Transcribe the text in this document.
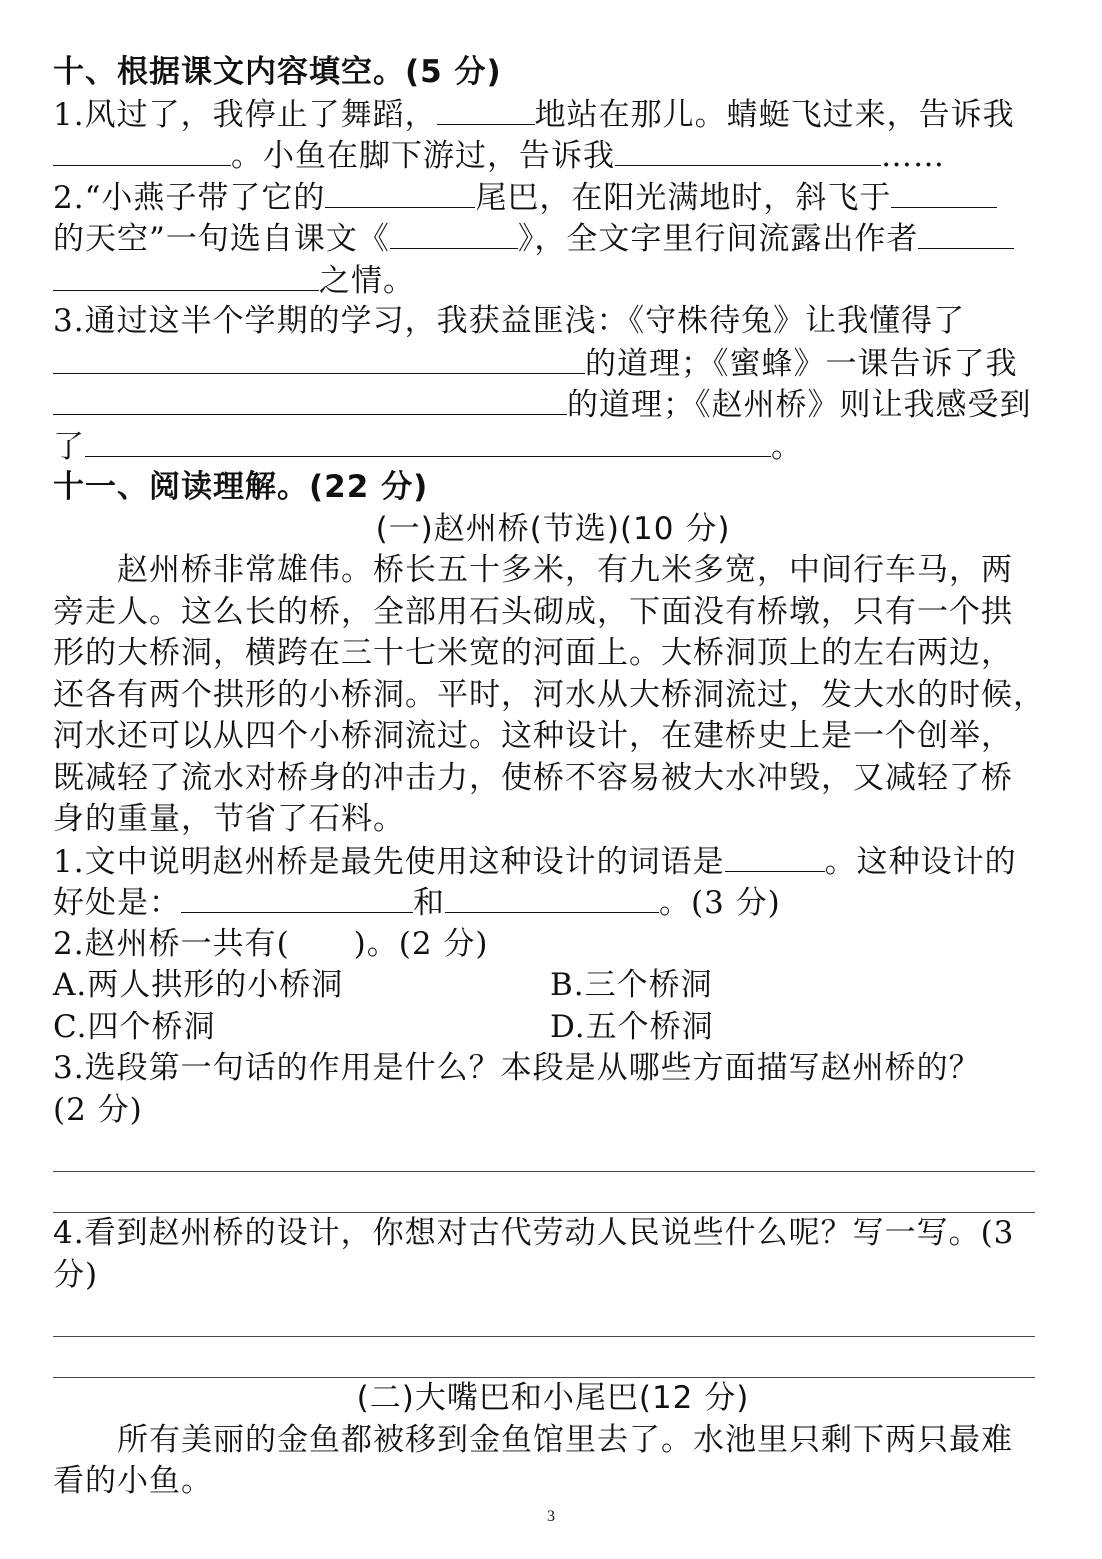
十、根据课文内容填空。(5 分)
1.风过了，我停止了舞蹈，	地站在那儿。蜻蜓飞过来，告诉我
。小鱼在脚下游过，告诉我	……
2.“小燕子带了它的	尾巴，在阳光满地时，斜飞于
的天空”一句选自课文《	》，全文字里行间流露出作者
之情。
3.通过这半个学期的学习，我获益匪浅：《守株待兔》让我懂得了
的道理；《蜜蜂》一课告诉了我
的道理；《赵州桥》则让我感受到
了	。
十一、阅读理解。(22 分)
(一)赵州桥(节选)(10 分)
赵州桥非常雄伟。桥长五十多米，有九米多宽，中间行车马，两
旁走人。这么长的桥，全部用石头砌成，下面没有桥墩，只有一个拱
形的大桥洞，横跨在三十七米宽的河面上。大桥洞顶上的左右两边，
还各有两个拱形的小桥洞。平时，河水从大桥洞流过，发大水的时候，
河水还可以从四个小桥洞流过。这种设计，在建桥史上是一个创举，
既减轻了流水对桥身的冲击力，使桥不容易被大水冲毁，又减轻了桥
身的重量，节省了石料。
1.文中说明赵州桥是最先使用这种设计的词语是	。这种设计的
好处是：	和	。(3 分)
2.赵州桥一共有(　　)。(2 分)
A.两人拱形的小桥洞	B.三个桥洞
C.四个桥洞	D.五个桥洞
3.选段第一句话的作用是什么？本段是从哪些方面描写赵州桥的？
(2 分)
4.看到赵州桥的设计，你想对古代劳动人民说些什么呢？写一写。(3
分)
(二)大嘴巴和小尾巴(12 分)
所有美丽的金鱼都被移到金鱼馆里去了。水池里只剩下两只最难
看的小鱼。
3
